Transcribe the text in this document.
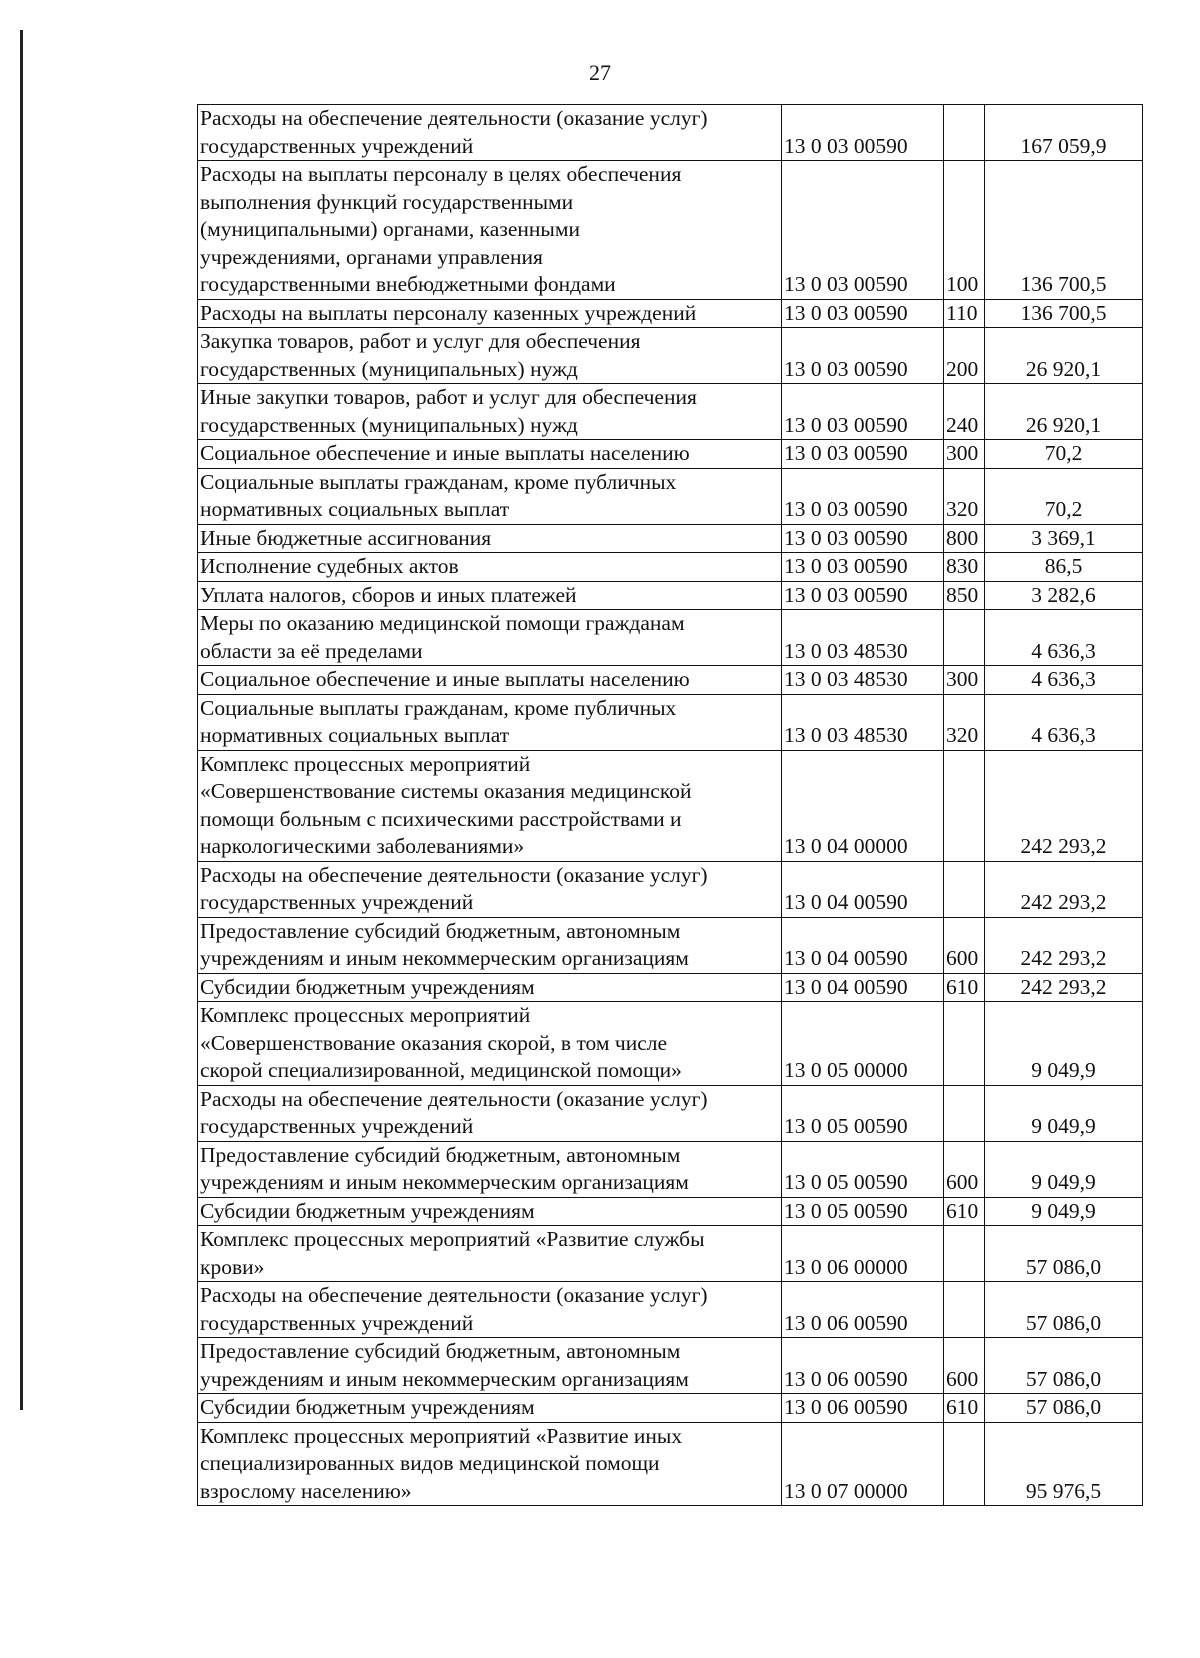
27
Расходы на обеспечение деятельности (оказание услуг)
государственных учреждений	13 0 03 00590		167 059,9

Расходы на выплаты персоналу в целях обеспечения
выполнения функций государственными
(муниципальными) органами, казенными
учреждениями, органами управления
государственными внебюджетными фондами	13 0 03 00590	100	136 700,5

Расходы на выплаты персоналу казенных учреждений	13 0 03 00590	110	136 700,5

Закупка товаров, работ и услуг для обеспечения
государственных (муниципальных) нужд	13 0 03 00590	200	26 920,1

Иные закупки товаров, работ и услуг для обеспечения
государственных (муниципальных) нужд	13 0 03 00590	240	26 920,1

Социальное обеспечение и иные выплаты населению	13 0 03 00590	300	70,2

Социальные выплаты гражданам, кроме публичных
нормативных социальных выплат	13 0 03 00590	320	70,2

Иные бюджетные ассигнования	13 0 03 00590	800	3 369,1

Исполнение судебных актов	13 0 03 00590	830	86,5

Уплата налогов, сборов и иных платежей	13 0 03 00590	850	3 282,6

Меры по оказанию медицинской помощи гражданам
области за её пределами	13 0 03 48530		4 636,3

Социальное обеспечение и иные выплаты населению	13 0 03 48530	300	4 636,3

Социальные выплаты гражданам, кроме публичных
нормативных социальных выплат	13 0 03 48530	320	4 636,3

Комплекс процессных мероприятий
«Совершенствование системы оказания медицинской
помощи больным с психическими расстройствами и
наркологическими заболеваниями»	13 0 04 00000		242 293,2

Расходы на обеспечение деятельности (оказание услуг)
государственных учреждений	13 0 04 00590		242 293,2

Предоставление субсидий бюджетным, автономным
учреждениям и иным некоммерческим организациям	13 0 04 00590	600	242 293,2

Субсидии бюджетным учреждениям	13 0 04 00590	610	242 293,2

Комплекс процессных мероприятий
«Совершенствование оказания скорой, в том числе
скорой специализированной, медицинской помощи»	13 0 05 00000		9 049,9

Расходы на обеспечение деятельности (оказание услуг)
государственных учреждений	13 0 05 00590		9 049,9

Предоставление субсидий бюджетным, автономным
учреждениям и иным некоммерческим организациям	13 0 05 00590	600	9 049,9

Субсидии бюджетным учреждениям	13 0 05 00590	610	9 049,9

Комплекс процессных мероприятий «Развитие службы
крови»	13 0 06 00000		57 086,0

Расходы на обеспечение деятельности (оказание услуг)
государственных учреждений	13 0 06 00590		57 086,0

Предоставление субсидий бюджетным, автономным
учреждениям и иным некоммерческим организациям	13 0 06 00590	600	57 086,0

Субсидии бюджетным учреждениям	13 0 06 00590	610	57 086,0

Комплекс процессных мероприятий «Развитие иных
специализированных видов медицинской помощи
взрослому населению»	13 0 07 00000		95 976,5
